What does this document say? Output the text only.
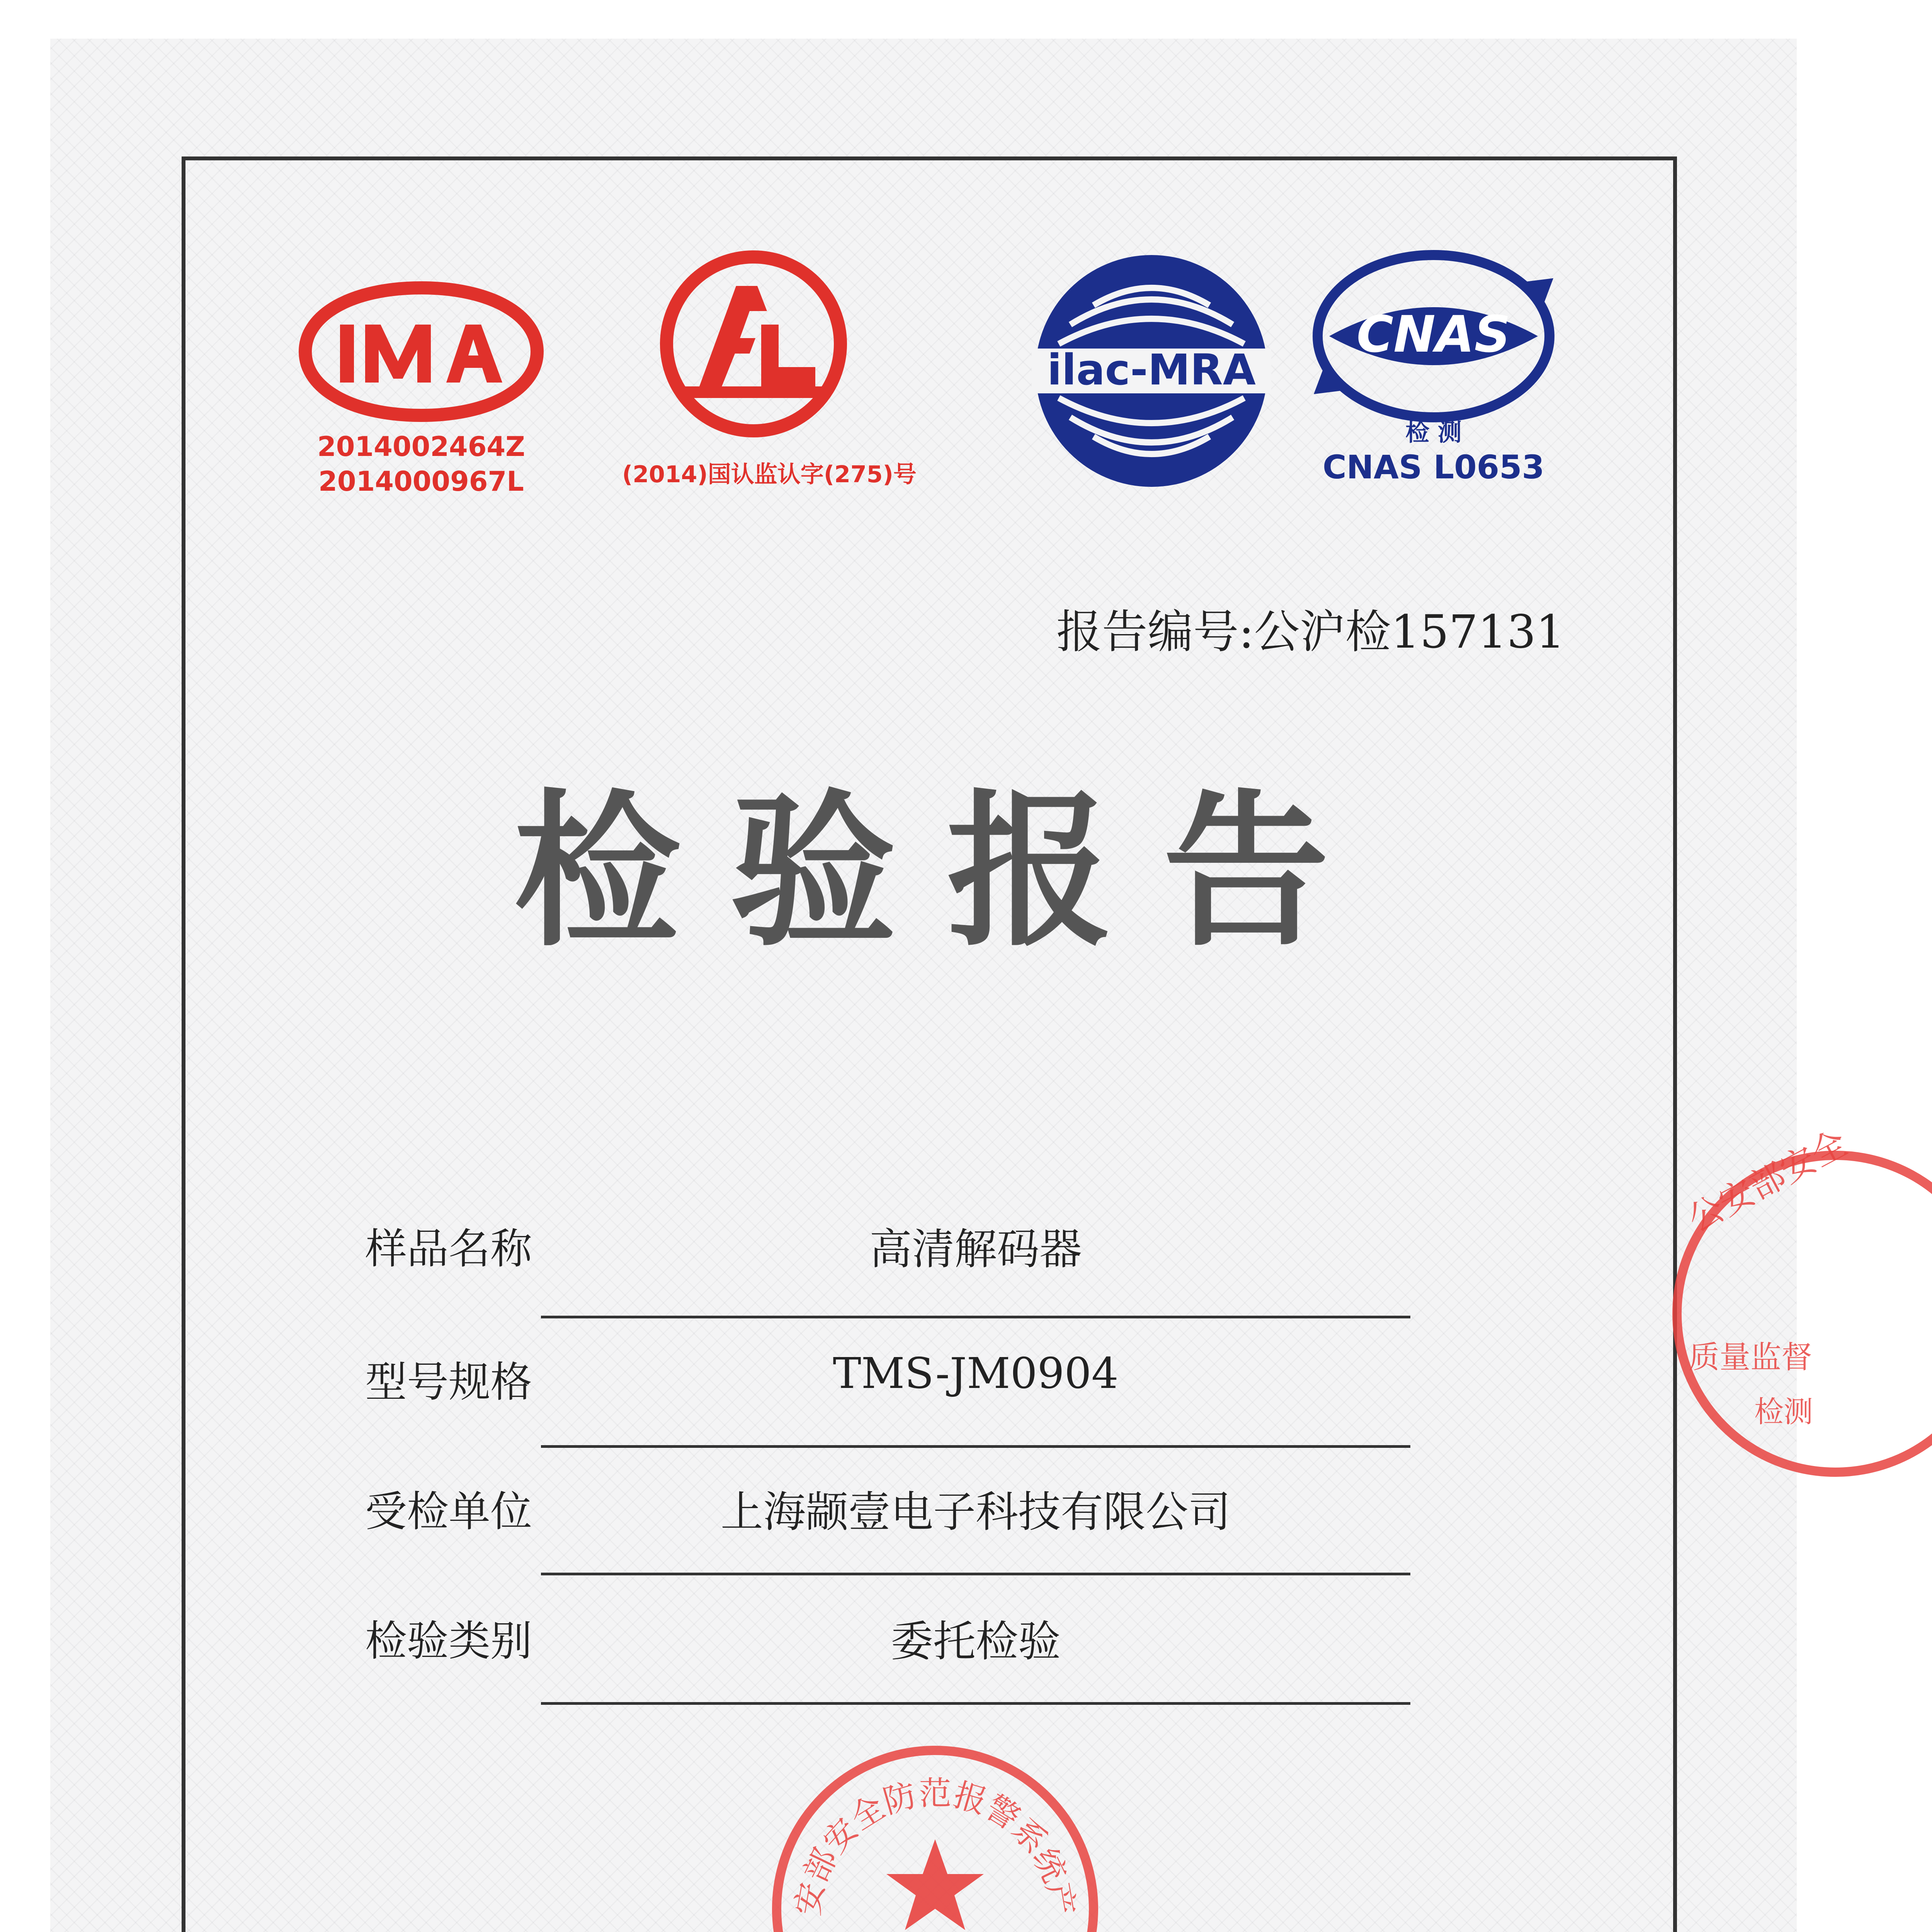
2014002464Z
2014000967L	(2014)国认监认字(275)号
ilac-MRA
CNAS
检 测
CNAS L0653
报告编号:公沪检157131
检验报告
样品名称	高清解码器
型号规格	TMS-JM0904
受检单位	上海颛壹电子科技有限公司
检验类别	委托检验
安部安全防范报警系统产
公安部安全
质量监督
检测
